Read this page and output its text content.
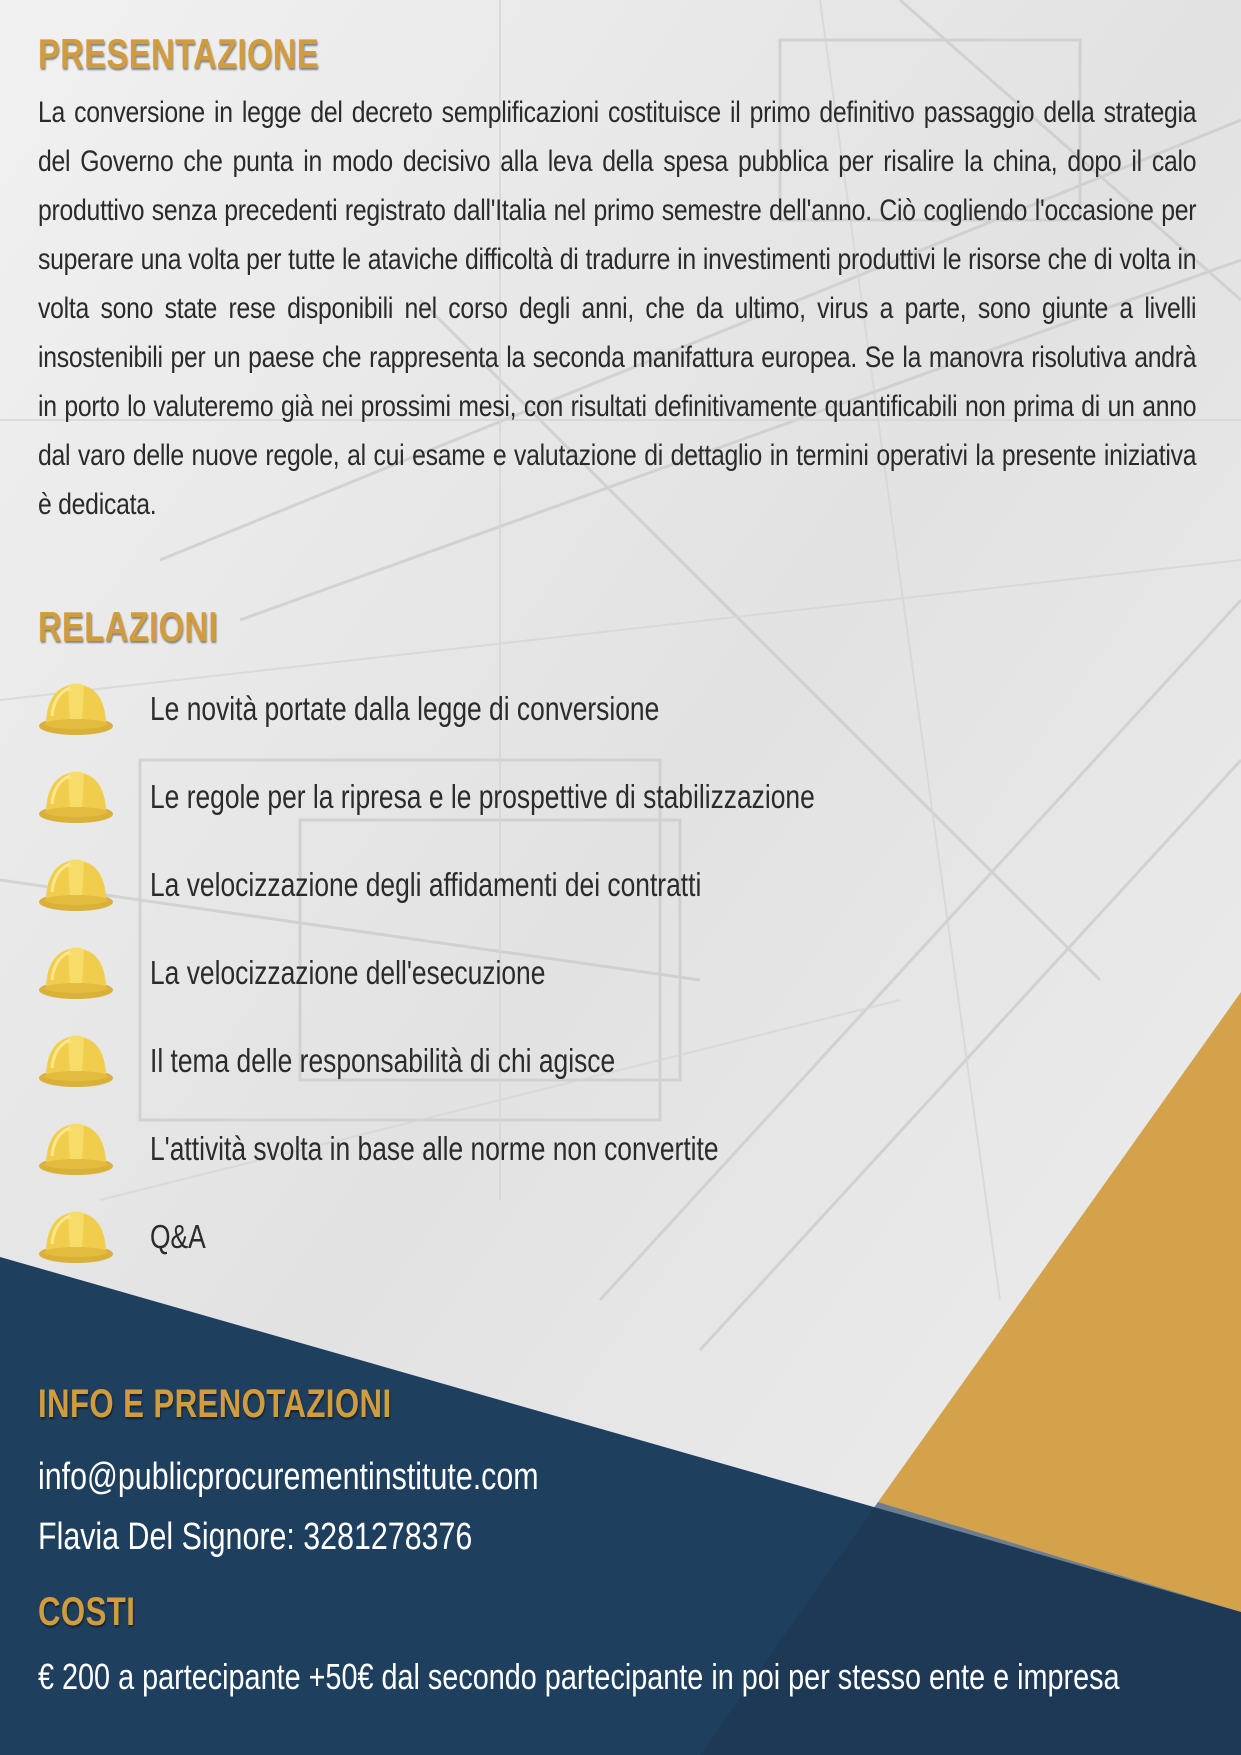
PRESENTAZIONE
La conversione in legge del decreto semplificazioni costituisce il primo definitivo passaggio della strategia del Governo che punta in modo decisivo alla leva della spesa pubblica per risalire la china, dopo il calo produttivo senza precedenti registrato dall'Italia nel primo semestre dell'anno. Ciò cogliendo l'occasione per superare una volta per tutte le ataviche difficoltà di tradurre in investimenti produttivi le risorse che di volta in volta sono state rese disponibili nel corso degli anni, che da ultimo, virus a parte, sono giunte a livelli insostenibili per un paese che rappresenta la seconda manifattura europea. Se la manovra risolutiva andrà in porto lo valuteremo già nei prossimi mesi, con risultati definitivamente quantificabili non prima di un anno dal varo delle nuove regole, al cui esame e valutazione di dettaglio in termini operativi la presente iniziativa è dedicata.
RELAZIONI
Le novità portate dalla legge di conversione
Le regole per la ripresa e le prospettive di stabilizzazione
La velocizzazione degli affidamenti dei contratti
La velocizzazione dell'esecuzione
Il tema delle responsabilità di chi agisce
L'attività svolta in base alle norme non convertite
Q&A
INFO E PRENOTAZIONI
info@publicprocurementinstitute.com
Flavia Del Signore: 3281278376
COSTI
€ 200 a partecipante +50€ dal secondo partecipante in poi per stesso ente e impresa
